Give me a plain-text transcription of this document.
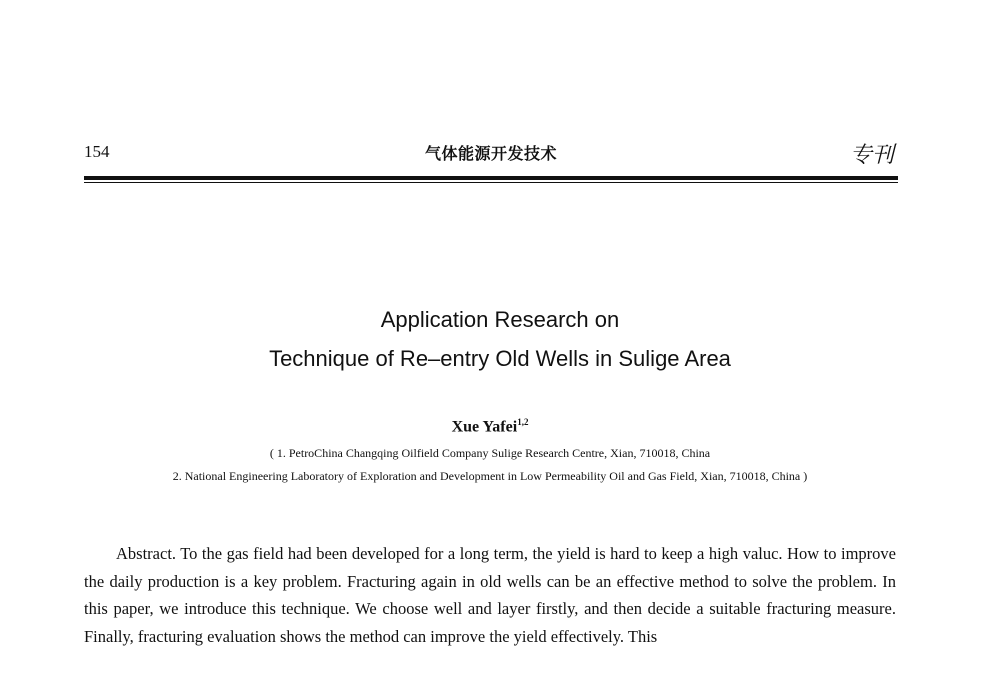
154	气体能源开发技术	专刊
Application Research on
Technique of Re–entry Old Wells in Sulige Area
Xue Yafei$^{1,2}$
( 1. PetroChina Changqing Oilfield Company Sulige Research Centre, Xian, 710018, China
2. National Engineering Laboratory of Exploration and Development in Low Permeability Oil and Gas Field, Xian, 710018, China )

Abstract. To the gas field had been developed for a long term, the yield is hard to keep a high valuc. How to improve the daily production is a key problem. Fracturing again in old wells can be an effective method to solve the problem. In this paper, we introduce this technique. We choose well and layer firstly, and then decide a suitable fracturing measure. Finally, fracturing evaluation shows the method can improve the yield effectively. This
